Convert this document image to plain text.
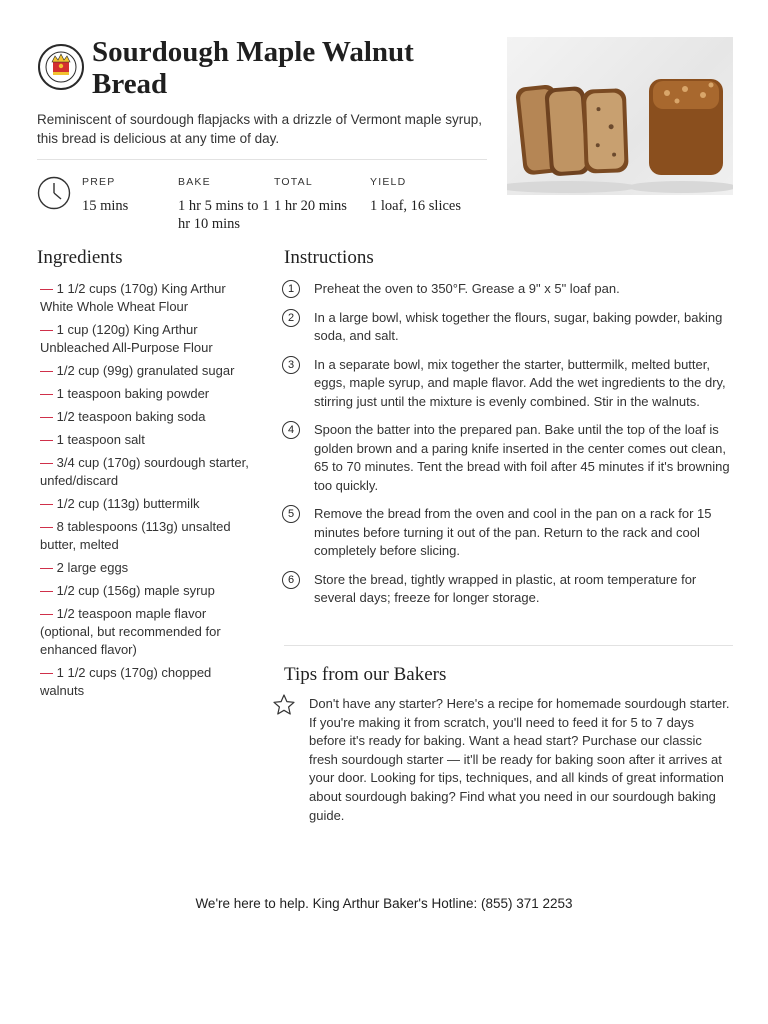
Sourdough Maple Walnut Bread

Reminiscent of sourdough flapjacks with a drizzle of Vermont maple syrup, this bread is delicious at any time of day.

PREP
15 mins
BAKE
1 hr 5 mins to 1 hr 10 mins
TOTAL
1 hr 20 mins
YIELD
1 loaf, 16 slices
Ingredients
— 1 1/2 cups (170g) King Arthur White Whole Wheat Flour
— 1 cup (120g) King Arthur Unbleached All-Purpose Flour
— 1/2 cup (99g) granulated sugar
— 1 teaspoon baking powder
— 1/2 teaspoon baking soda
— 1 teaspoon salt
— 3/4 cup (170g) sourdough starter, unfed/discard
— 1/2 cup (113g) buttermilk
— 8 tablespoons (113g) unsalted butter, melted
— 2 large eggs
— 1/2 cup (156g) maple syrup
— 1/2 teaspoon maple flavor (optional, but recommended for enhanced flavor)
— 1 1/2 cups (170g) chopped walnuts
Instructions
1	Preheat the oven to 350°F. Grease a 9" x 5" loaf pan.
2	In a large bowl, whisk together the flours, sugar, baking powder, baking soda, and salt.
3	In a separate bowl, mix together the starter, buttermilk, melted butter, eggs, maple syrup, and maple flavor. Add the wet ingredients to the dry, stirring just until the mixture is evenly combined. Stir in the walnuts.
4	Spoon the batter into the prepared pan. Bake until the top of the loaf is golden brown and a paring knife inserted in the center comes out clean, 65 to 70 minutes. Tent the bread with foil after 45 minutes if it's browning too quickly.
5	Remove the bread from the oven and cool in the pan on a rack for 15 minutes before turning it out of the pan. Return to the rack and cool completely before slicing.
6	Store the bread, tightly wrapped in plastic, at room temperature for several days; freeze for longer storage.
Tips from our Bakers

Don't have any starter? Here's a recipe for homemade sourdough starter. If you're making it from scratch, you'll need to feed it for 5 to 7 days before it's ready for baking. Want a head start? Purchase our classic fresh sourdough starter — it'll be ready for baking soon after it arrives at your door. Looking for tips, techniques, and all kinds of great information about sourdough baking? Find what you need in our sourdough baking guide.

We're here to help. King Arthur Baker's Hotline: (855) 371 2253
